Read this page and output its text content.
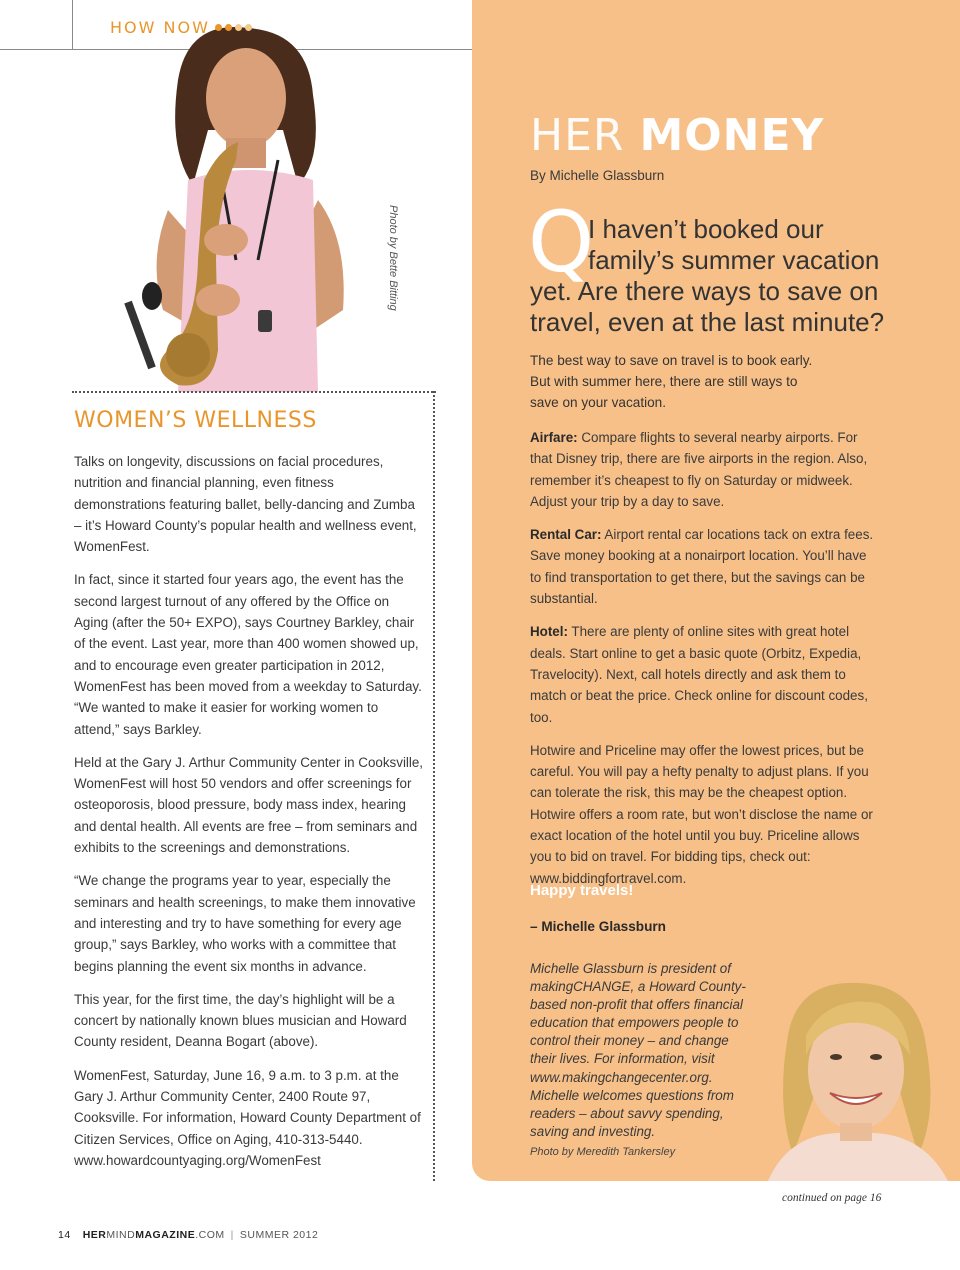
HOW NOW
Photo by Bette Bitting
WOMEN’S WELLNESS

Talks on longevity, discussions on facial procedures, nutrition and financial planning, even fitness demonstrations featuring ballet, belly-dancing and Zumba – it’s Howard County’s popular health and wellness event, WomenFest.

In fact, since it started four years ago, the event has the second largest turnout of any offered by the Office on Aging (after the 50+ EXPO), says Courtney Barkley, chair of the event. Last year, more than 400 women showed up, and to encourage even greater participation in 2012, WomenFest has been moved from a weekday to Saturday. “We wanted to make it easier for working women to attend,” says Barkley.

Held at the Gary J. Arthur Community Center in Cooksville, WomenFest will host 50 vendors and offer screenings for osteoporosis, blood pressure, body mass index, hearing and dental health. All events are free – from seminars and exhibits to the screenings and demonstrations.

“We change the programs year to year, especially the seminars and health screenings, to make them innovative and interesting and try to have something for every age group,” says Barkley, who works with a committee that begins planning the event six months in advance.

This year, for the first time, the day’s highlight will be a concert by nationally known blues musician and Howard County resident, Deanna Bogart (above).

WomenFest, Saturday, June 16, 9 a.m. to 3 p.m. at the Gary J. Arthur Community Center, 2400 Route 97, Cooksville. For information, Howard County Department of Citizen Services, Office on Aging, 410-313-5440. www.howardcountyaging.org/WomenFest

HER MONEY
By Michelle Glassburn
Q
I haven’t booked our
family’s summer vacation
yet. Are there ways to save on travel, even at the last minute?
The best way to save on travel is to book early. But with summer here, there are still ways to save on your vacation.

Airfare: Compare flights to several nearby airports. For that Disney trip, there are five airports in the region. Also, remember it’s cheapest to fly on Saturday or midweek. Adjust your trip by a day to save.

Rental Car: Airport rental car locations tack on extra fees. Save money booking at a nonairport location. You’ll have to find transportation to get there, but the savings can be substantial.

Hotel: There are plenty of online sites with great hotel deals. Start online to get a basic quote (Orbitz, Expedia, Travelocity). Next, call hotels directly and ask them to match or beat the price. Check online for discount codes, too.

Hotwire and Priceline may offer the lowest prices, but be careful. You will pay a hefty penalty to adjust plans. If you can tolerate the risk, this may be the cheapest option. Hotwire offers a room rate, but won’t disclose the name or exact location of the hotel until you buy. Priceline allows you to bid on travel. For bidding tips, check out: www.biddingfortravel.com.

Happy travels!
– Michelle Glassburn
Michelle Glassburn is president of makingCHANGE, a Howard County-based non-profit that offers financial education that empowers people to control their money – and change their lives. For information, visit www.makingchangecenter.org. Michelle welcomes questions from readers – about savvy spending, saving and investing.
Photo by Meredith Tankersley
continued on page 16
14 HERMINDMAGAZINE.COM | SUMMER 2012
